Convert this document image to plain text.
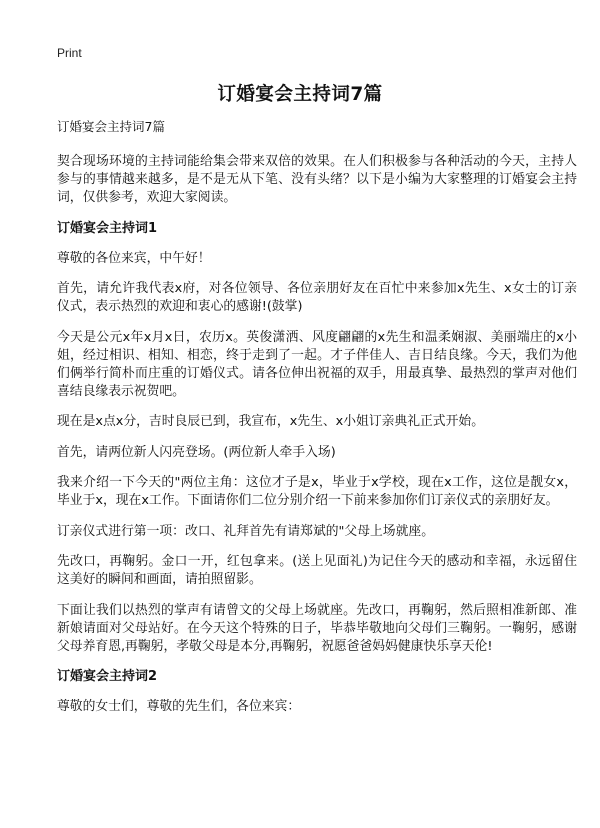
Print
订婚宴会主持词7篇

订婚宴会主持词7篇

契合现场环境的主持词能给集会带来双倍的效果。在人们积极参与各种活动的今天，主持人参与的事情越来越多，是不是无从下笔、没有头绪？以下是小编为大家整理的订婚宴会主持词，仅供参考，欢迎大家阅读。

订婚宴会主持词1

尊敬的各位来宾，中午好！

首先，请允许我代表x府，对各位领导、各位亲朋好友在百忙中来参加x先生、x女士的订亲仪式，表示热烈的欢迎和衷心的感谢!(鼓掌)

今天是公元x年x月x日，农历x。英俊潇洒、风度翩翩的x先生和温柔娴淑、美丽端庄的x小姐，经过相识、相知、相恋，终于走到了一起。才子伴佳人、吉日结良缘。今天，我们为他们俩举行简朴而庄重的订婚仪式。请各位伸出祝福的双手，用最真挚、最热烈的掌声对他们喜结良缘表示祝贺吧。

现在是x点x分，吉时良辰已到，我宣布，x先生、x小姐订亲典礼正式开始。

首先，请两位新人闪亮登场。(两位新人牵手入场)

我来介绍一下今天的"两位主角：这位才子是x，毕业于x学校，现在x工作，这位是靓女x，毕业于x，现在x工作。下面请你们二位分别介绍一下前来参加你们订亲仪式的亲朋好友。

订亲仪式进行第一项：改口、礼拜首先有请郑斌的"父母上场就座。

先改口，再鞠躬。金口一开，红包拿来。(送上见面礼)为记住今天的感动和幸福，永远留住这美好的瞬间和画面，请拍照留影。

下面让我们以热烈的掌声有请曾文的父母上场就座。先改口，再鞠躬，然后照相准新郎、准新娘请面对父母站好。在今天这个特殊的日子，毕恭毕敬地向父母们三鞠躬。一鞠躬，感谢父母养育恩,再鞠躬，孝敬父母是本分,再鞠躬，祝愿爸爸妈妈健康快乐享天伦!

订婚宴会主持词2

尊敬的女士们，尊敬的先生们，各位来宾：
